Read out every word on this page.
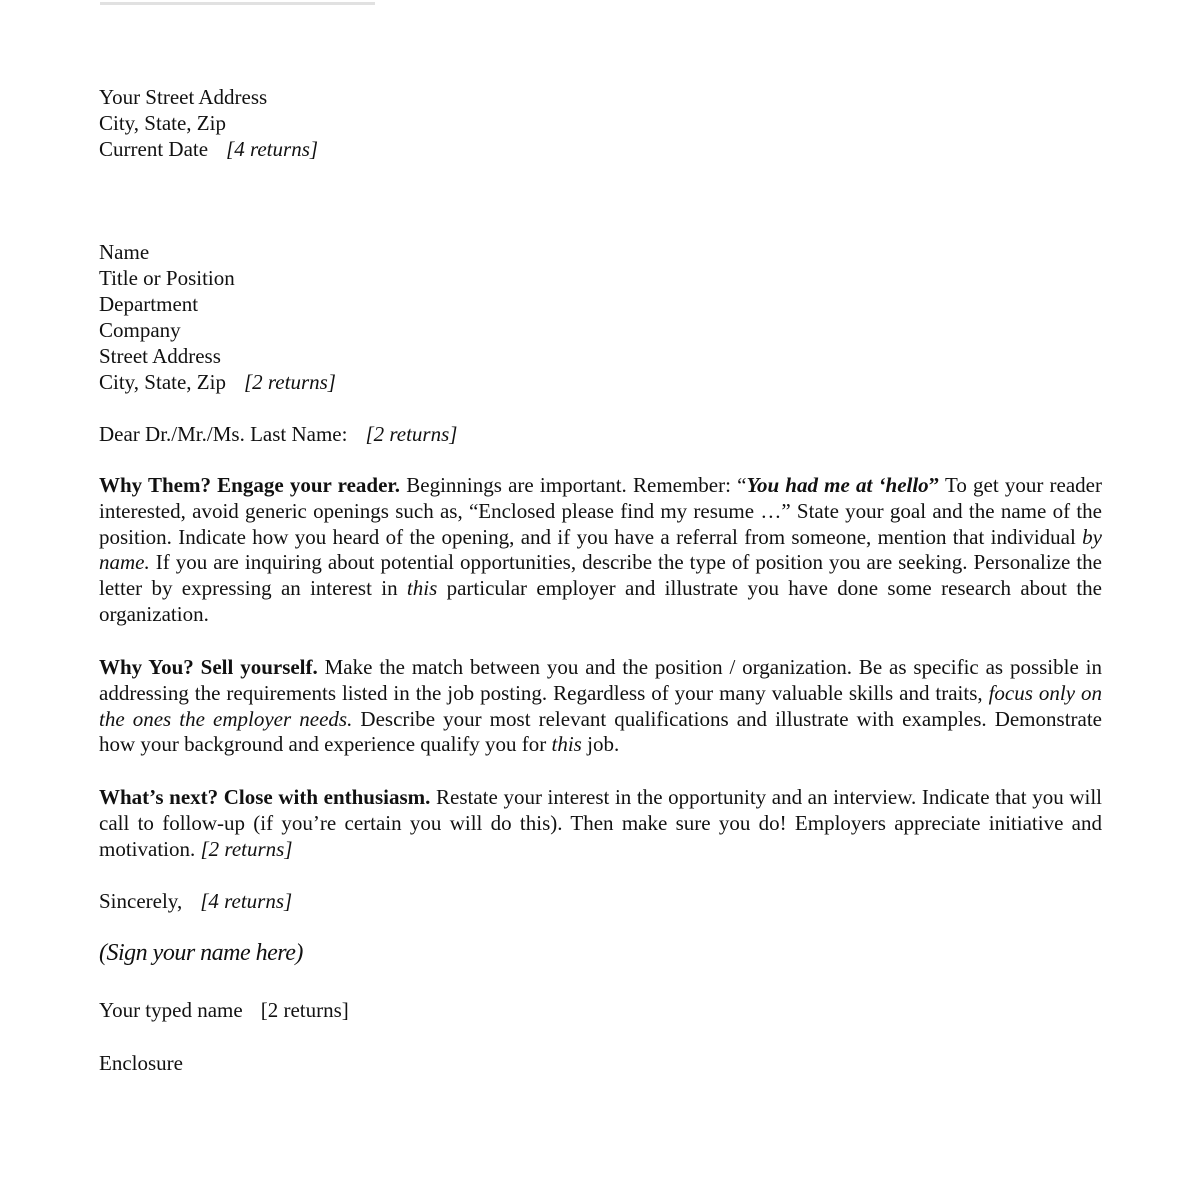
Your Street Address
City, State, Zip
Current Date [4 returns]
Name
Title or Position
Department
Company
Street Address
City, State, Zip [2 returns]
Dear Dr./Mr./Ms. Last Name: [2 returns]
Why Them? Engage your reader. Beginnings are important. Remember: “You had me at ‘hello” To get your reader interested, avoid generic openings such as, “Enclosed please find my resume …” State your goal and the name of the position. Indicate how you heard of the opening, and if you have a referral from someone, mention that individual by name. If you are inquiring about potential opportunities, describe the type of position you are seeking. Personalize the letter by expressing an interest in this particular employer and illustrate you have done some research about the organization.
Why You? Sell yourself. Make the match between you and the position / organization. Be as specific as possible in addressing the requirements listed in the job posting. Regardless of your many valuable skills and traits, focus only on the ones the employer needs. Describe your most relevant qualifications and illustrate with examples. Demonstrate how your background and experience qualify you for this job.
What’s next? Close with enthusiasm. Restate your interest in the opportunity and an interview. Indicate that you will call to follow-up (if you’re certain you will do this). Then make sure you do! Employers appreciate initiative and motivation. [2 returns]
Sincerely, [4 returns]
(Sign your name here)
Your typed name [2 returns]
Enclosure
